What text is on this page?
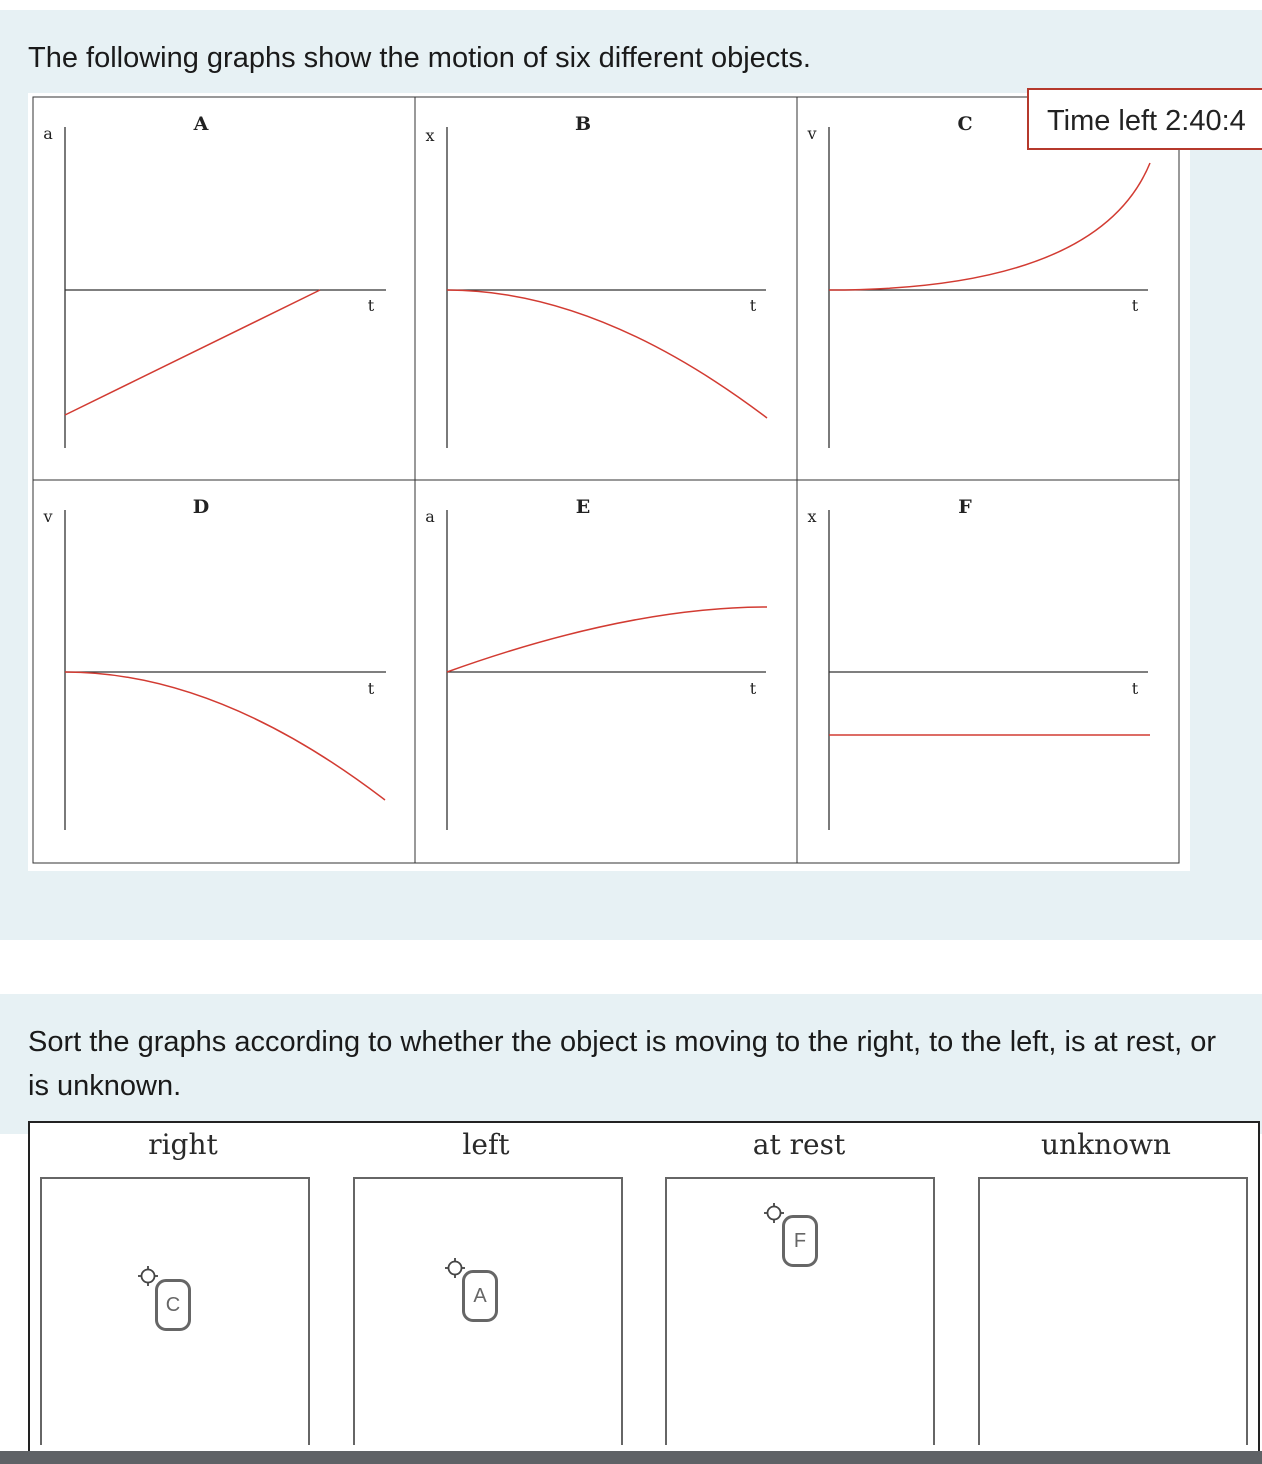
The following graphs show the motion of six different objects.
A
a
t
B
x
t
C
v
t
D
v
t
E
a
t
F
x
t
Time left 2:40:4
Sort the graphs according to whether the object is moving to the right, to the left, is at rest, or is unknown.
right	left	at rest	unknown
C	A
F
